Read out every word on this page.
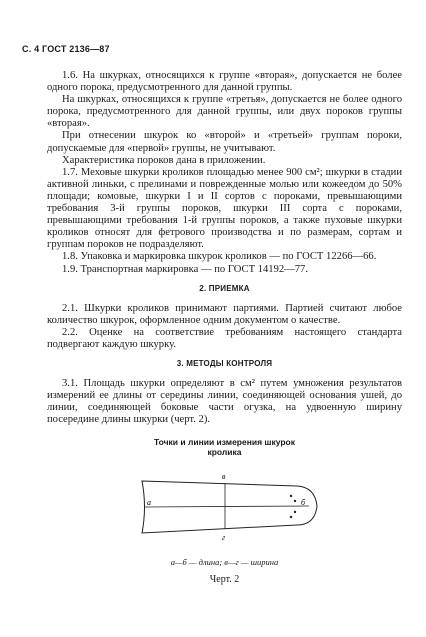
С. 4 ГОСТ 2136—87

1.6. На шкурках, относящихся к группе «вторая», допускается не более одного порока, предусмотренного для данной группы.

На шкурках, относящихся к группе «третья», допускается не более одного порока, предусмотренного для данной группы, или двух пороков группы «вторая».

При отнесении шкурок ко «второй» и «третьей» группам пороки, допускаемые для «первой» группы, не учитывают.

Характеристика пороков дана в приложении.

1.7. Меховые шкурки кроликов площадью менее 900 см²; шкурки в стадии активной линьки, с прелинами и поврежденные молью или кожеедом до 50% площади; комовые, шкурки I и II сортов с пороками, превышающими требования 3-й группы пороков, шкурки III сорта с пороками, превышающими требования 1-й группы пороков, а также пуховые шкурки кроликов относят для фетрового производства и по размерам, сортам и группам пороков не подразделяют.

1.8. Упаковка и маркировка шкурок кроликов — по ГОСТ 12266—66.

1.9. Транспортная маркировка — по ГОСТ 14192—77.

2. ПРИЕМКА

2.1. Шкурки кроликов принимают партиями. Партией считают любое количество шкурок, оформленное одним документом о качестве.

2.2. Оценке на соответствие требованиям настоящего стандарта подвергают каждую шкурку.

3. МЕТОДЫ КОНТРОЛЯ

3.1. Площадь шкурки определяют в см² путем умножения результатов измерений ее длины от середины линии, соединяющей основания ушей, до линии, соединяющей боковые части огузка, на удвоенную ширину посередине длины шкурки (черт. 2).

Точки и линии измерения шкурок
кролика
а	б
в
г
а—б — длина; в—г — ширина
Черт. 2
